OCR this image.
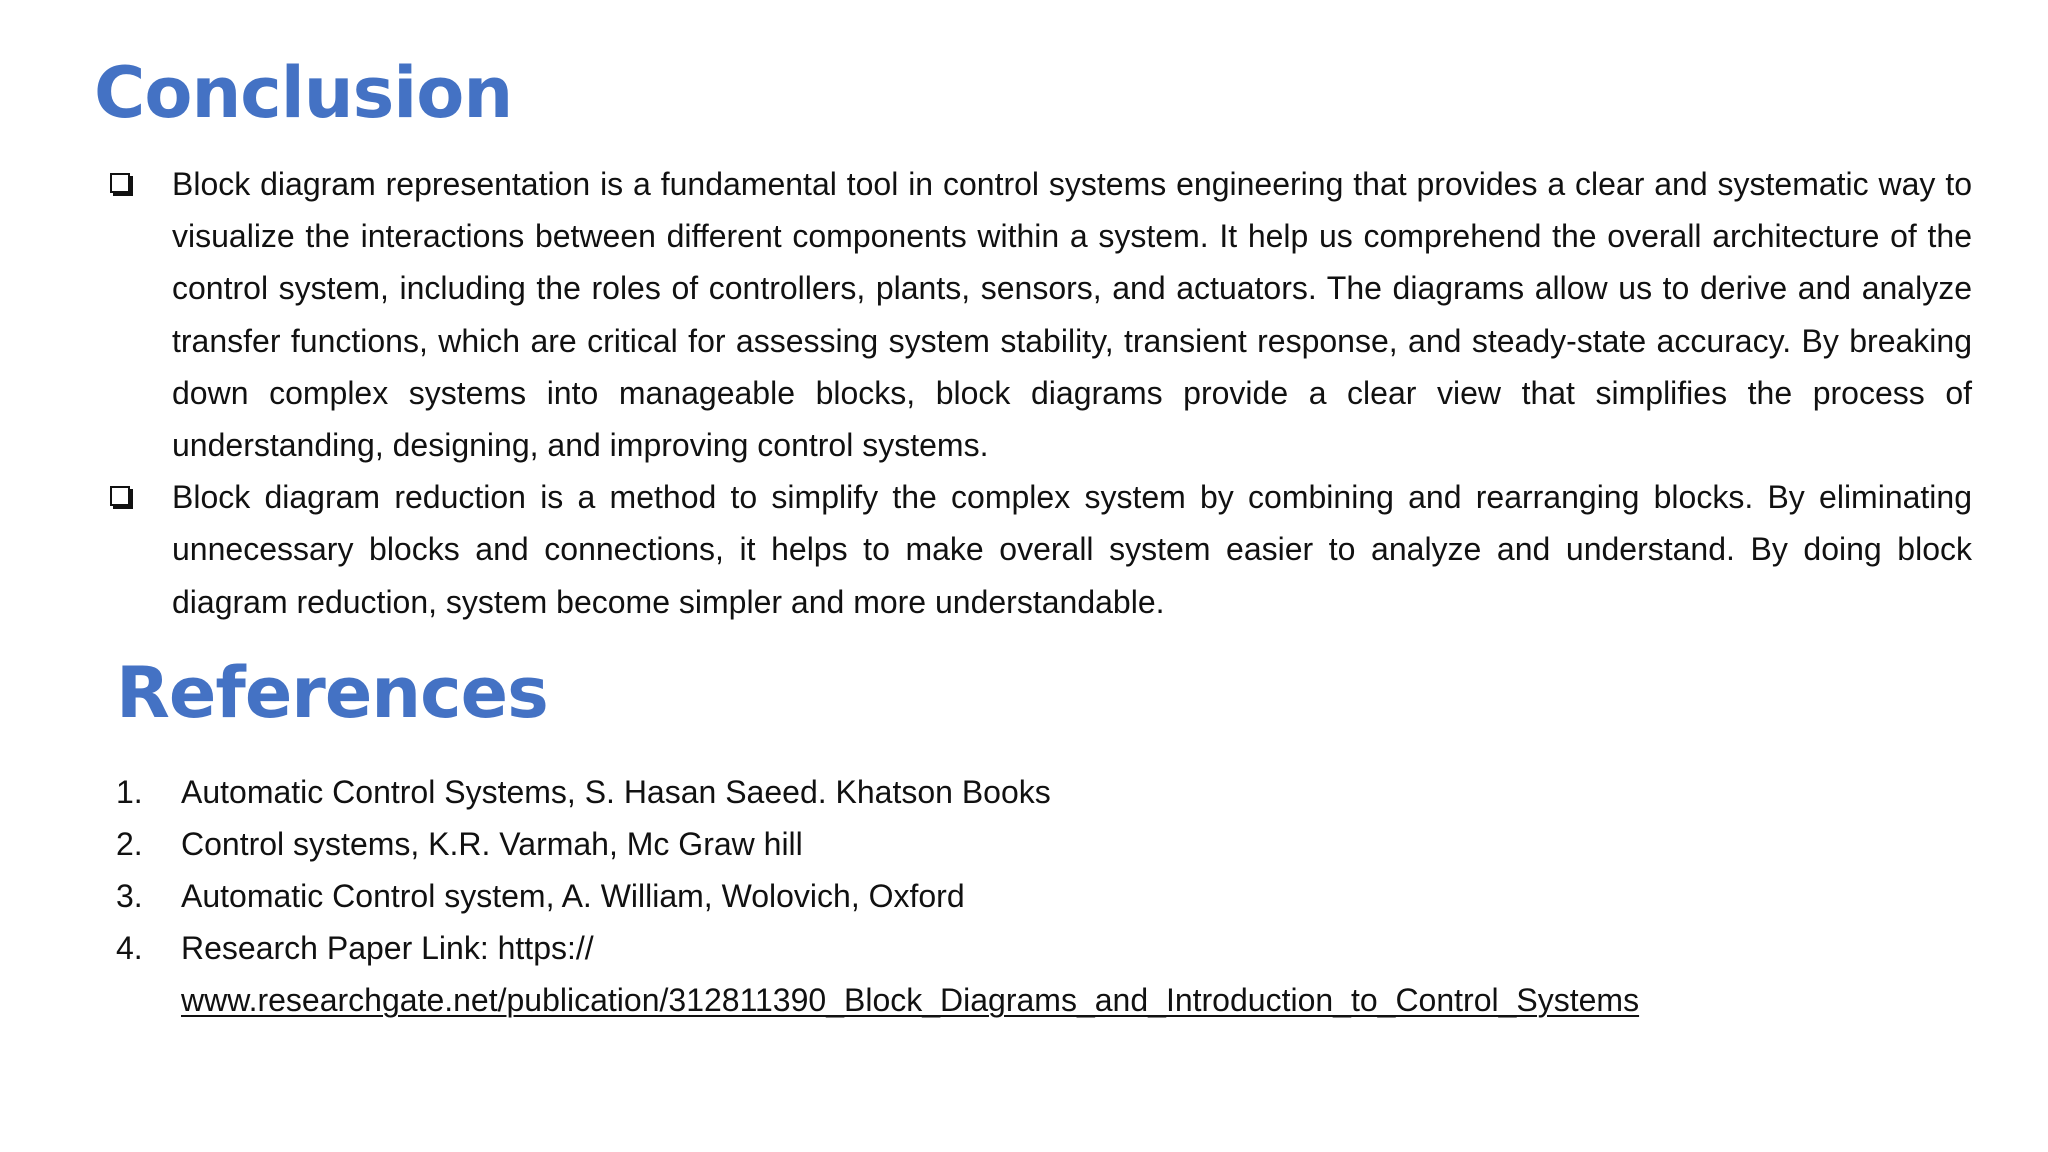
Conclusion
Block diagram representation is a fundamental tool in control systems engineering that provides a clear and systematic way to visualize the interactions between different components within a system. It help us comprehend the overall architecture of the control system, including the roles of controllers, plants, sensors, and actuators. The diagrams allow us to derive and analyze transfer functions, which are critical for assessing system stability, transient response, and steady-state accuracy. By breaking down complex systems into manageable blocks, block diagrams provide a clear view that simplifies the process of understanding, designing, and improving control systems.
Block diagram reduction is a method to simplify the complex system by combining and rearranging blocks. By eliminating unnecessary blocks and connections, it helps to make overall system easier to analyze and understand. By doing block diagram reduction, system become simpler and more understandable.
References
1. Automatic Control Systems, S. Hasan Saeed. Khatson Books
2. Control systems, K.R. Varmah, Mc Graw hill
3. Automatic Control system, A. William, Wolovich, Oxford
4. Research Paper Link: https://
www.researchgate.net/publication/312811390_Block_Diagrams_and_Introduction_to_Control_Systems
